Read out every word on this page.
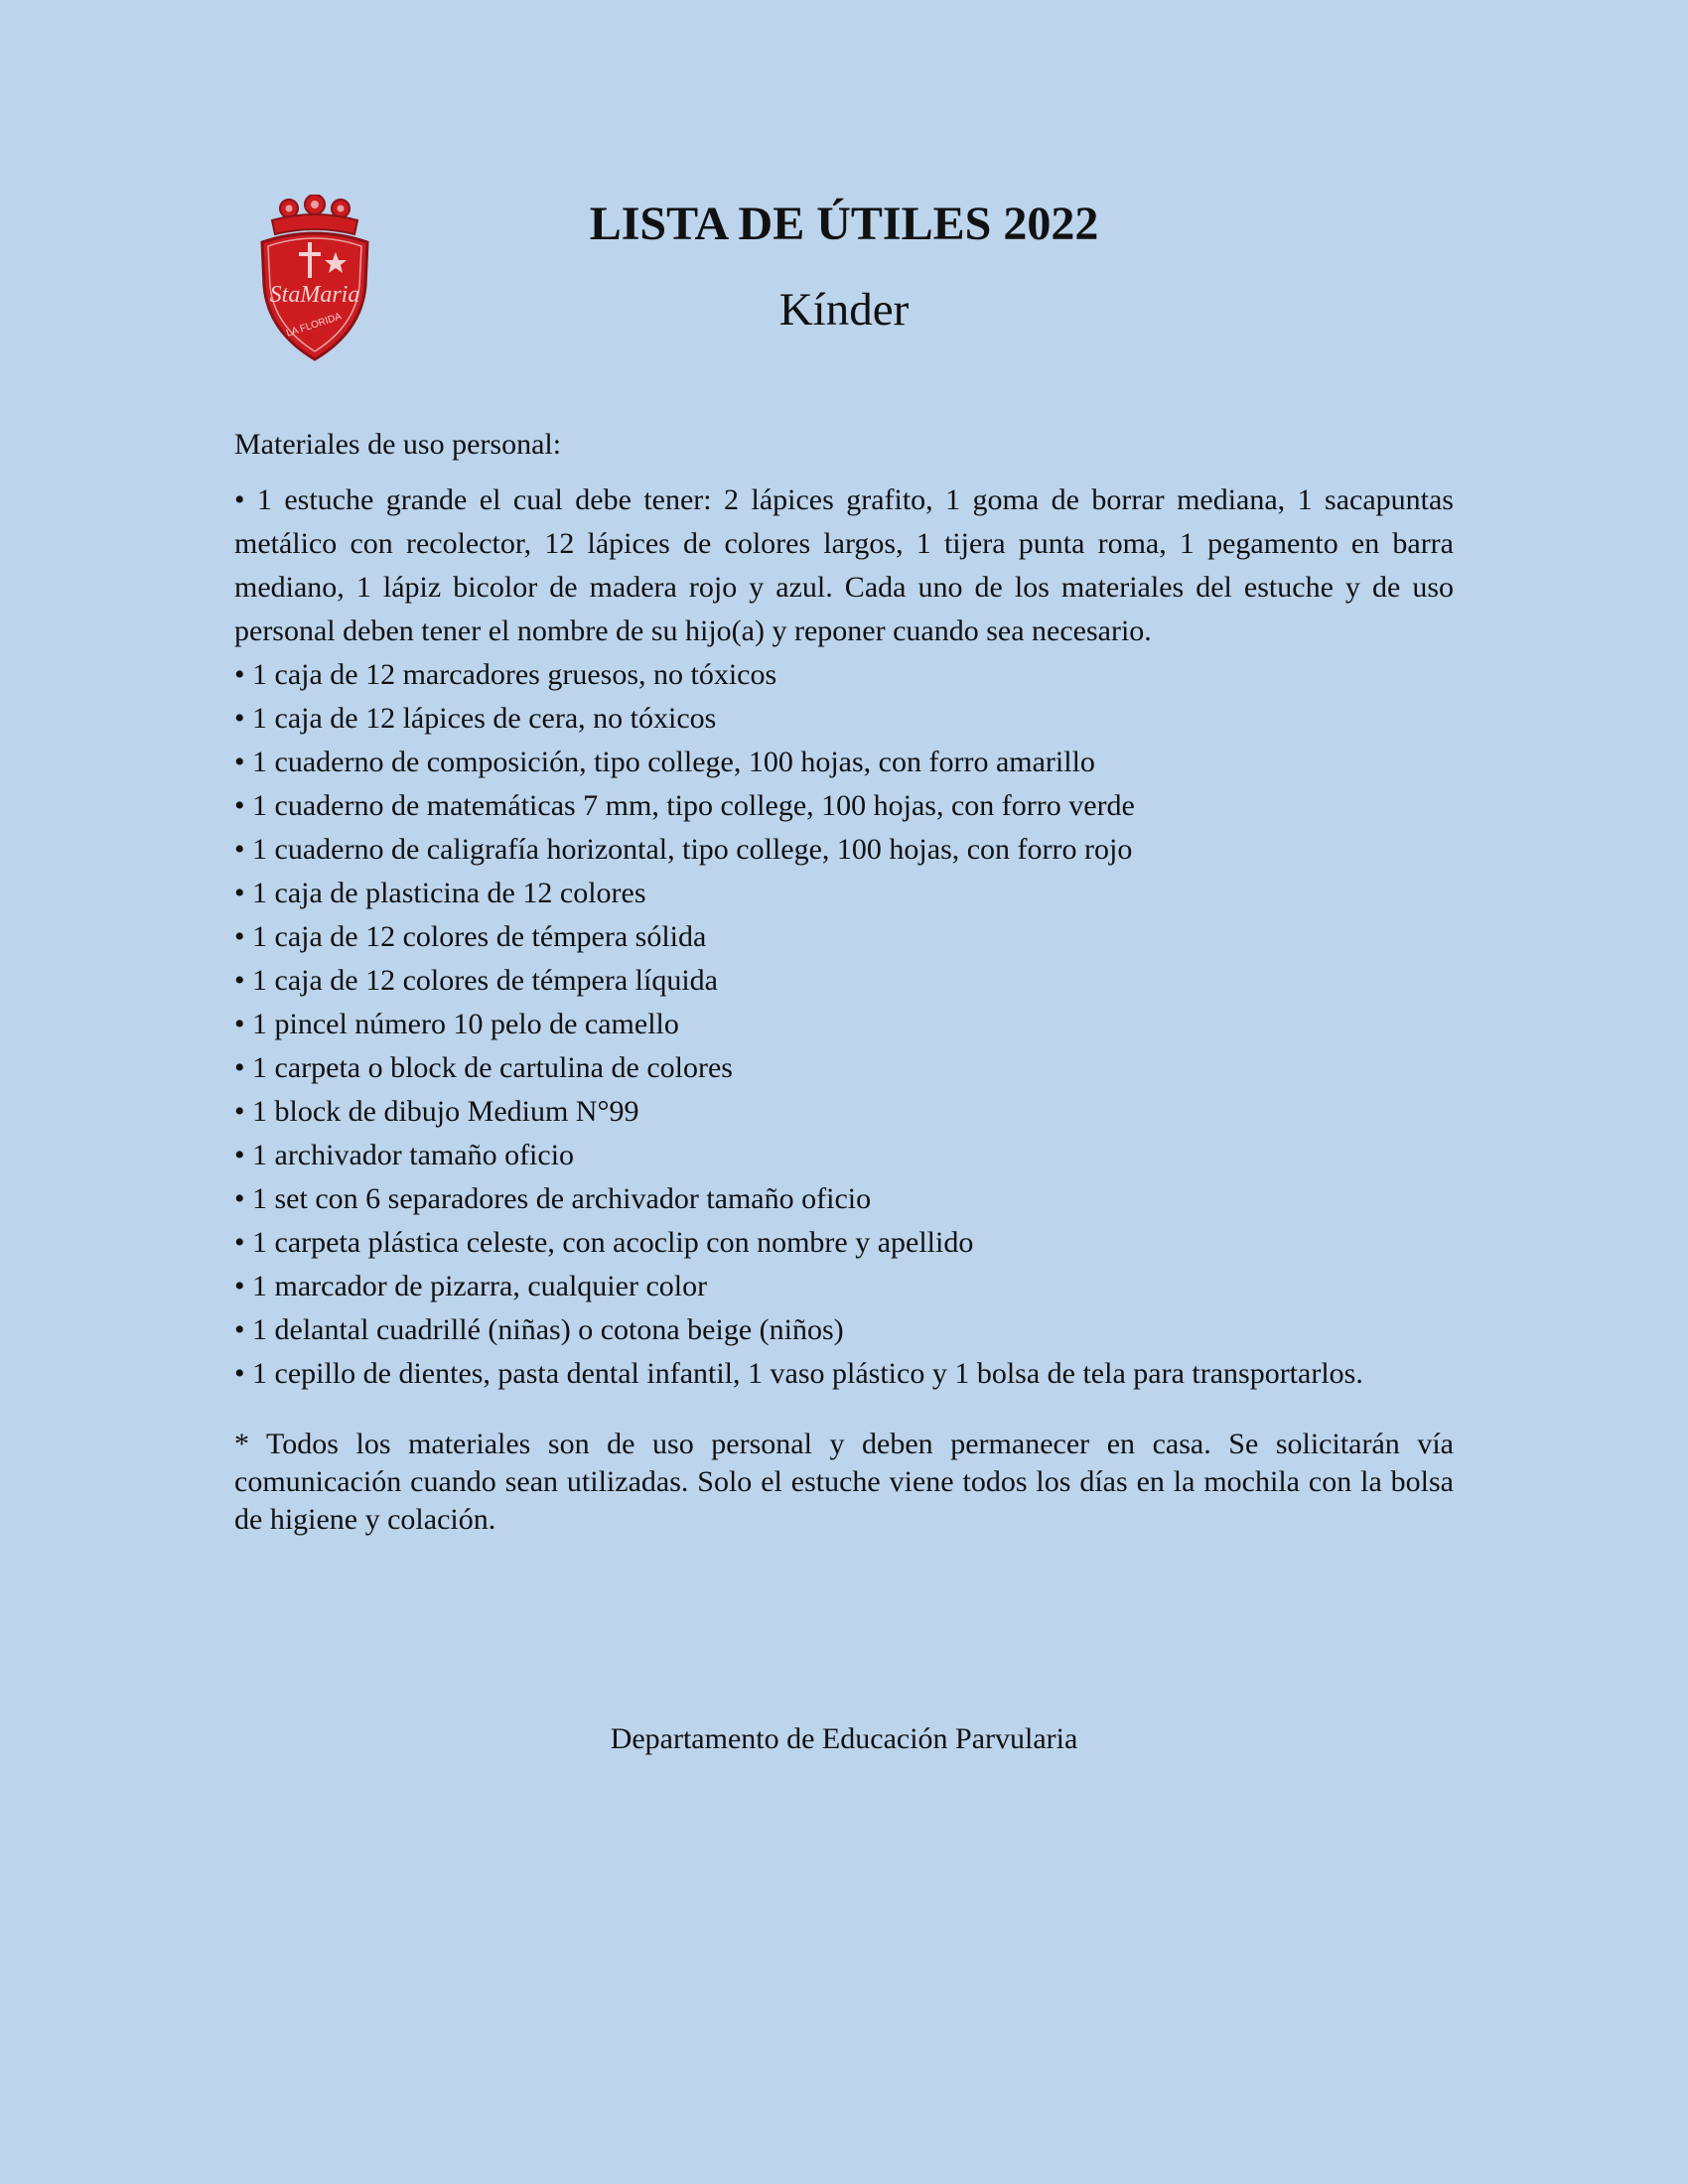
StaMaria
LA FLORIDA
LISTA DE ÚTILES 2022
Kínder

Materiales de uso personal:

• 1 estuche grande el cual debe tener: 2 lápices grafito, 1 goma de borrar mediana, 1 sacapuntas metálico con recolector, 12 lápices de colores largos, 1 tijera punta roma, 1 pegamento en barra mediano, 1 lápiz bicolor de madera rojo y azul. Cada uno de los materiales del estuche y de uso personal deben tener el nombre de su hijo(a) y reponer cuando sea necesario.

• 1 caja de 12 marcadores gruesos, no tóxicos
• 1 caja de 12 lápices de cera, no tóxicos
• 1 cuaderno de composición, tipo college, 100 hojas, con forro amarillo
• 1 cuaderno de matemáticas 7 mm, tipo college, 100 hojas, con forro verde
• 1 cuaderno de caligrafía horizontal, tipo college, 100 hojas, con forro rojo
• 1 caja de plasticina de 12 colores
• 1 caja de 12 colores de témpera sólida
• 1 caja de 12 colores de témpera líquida
• 1 pincel número 10 pelo de camello
• 1 carpeta o block de cartulina de colores
• 1 block de dibujo Medium N°99
• 1 archivador tamaño oficio
• 1 set con 6 separadores de archivador tamaño oficio
• 1 carpeta plástica celeste, con acoclip con nombre y apellido
• 1 marcador de pizarra, cualquier color
• 1 delantal cuadrillé (niñas) o cotona beige (niños)
• 1 cepillo de dientes, pasta dental infantil, 1 vaso plástico y 1 bolsa de tela para transportarlos.

* Todos los materiales son de uso personal y deben permanecer en casa. Se solicitarán vía comunicación cuando sean utilizadas. Solo el estuche viene todos los días en la mochila con la bolsa de higiene y colación.

Departamento de Educación Parvularia
